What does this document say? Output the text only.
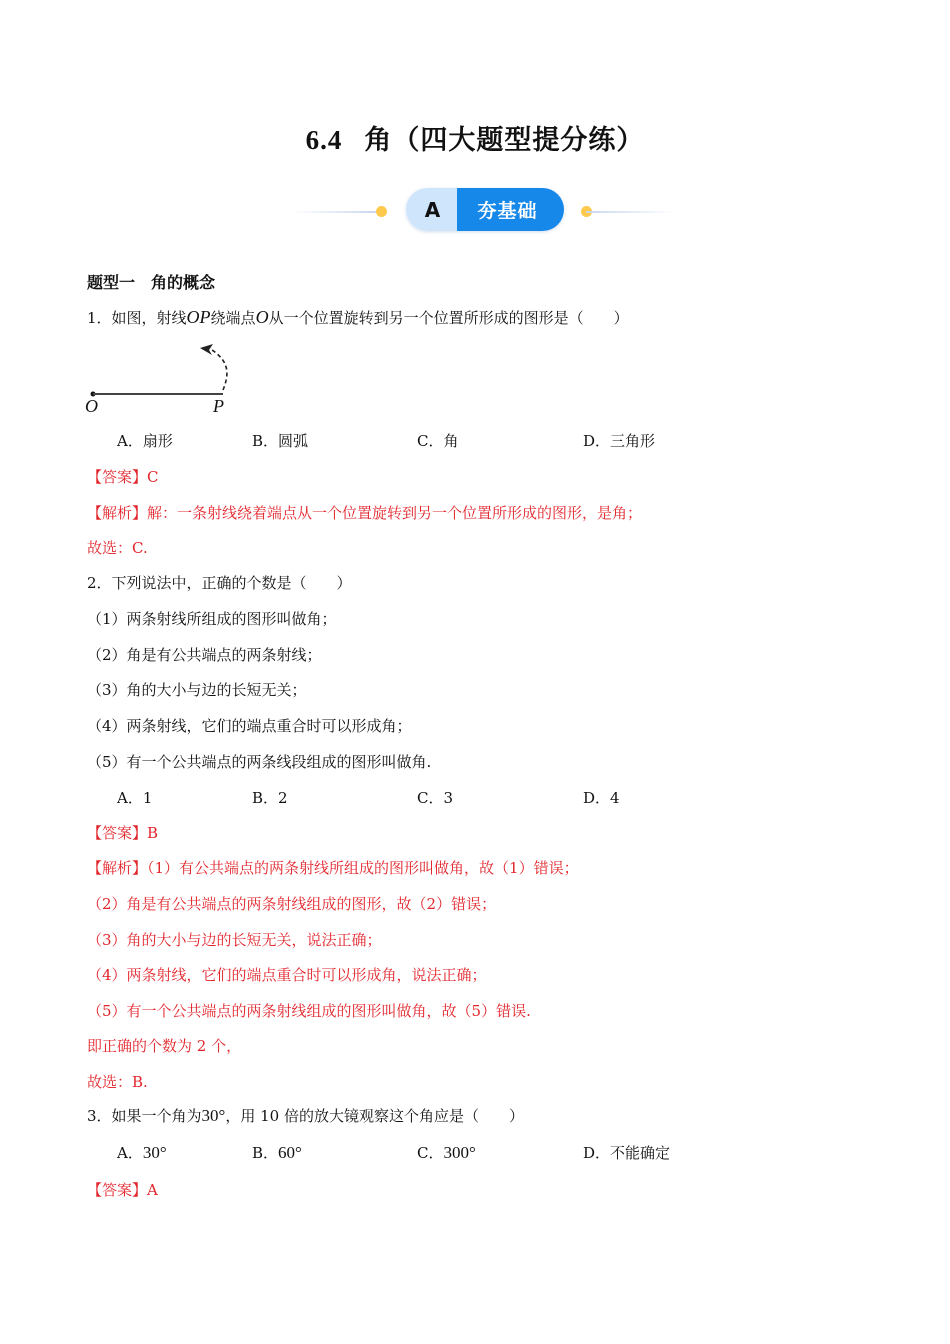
6.4 角（四大题型提分练）
A	夯基础
题型一　角的概念
1．如图，射线OP绕端点O从一个位置旋转到另一个位置所形成的图形是（　　）
O	P
A．扇形	B．圆弧	C．角	D．三角形
【答案】C
【解析】解：一条射线绕着端点从一个位置旋转到另一个位置所形成的图形，是角；
故选：C.
2．下列说法中，正确的个数是（　　）
（1）两条射线所组成的图形叫做角；
（2）角是有公共端点的两条射线；
（3）角的大小与边的长短无关；
（4）两条射线，它们的端点重合时可以形成角；
（5）有一个公共端点的两条线段组成的图形叫做角.
A．1	B．2	C．3	D．4
【答案】B
【解析】（1）有公共端点的两条射线所组成的图形叫做角，故（1）错误；
（2）角是有公共端点的两条射线组成的图形，故（2）错误；
（3）角的大小与边的长短无关，说法正确；
（4）两条射线，它们的端点重合时可以形成角，说法正确；
（5）有一个公共端点的两条射线组成的图形叫做角，故（5）错误.
即正确的个数为 2 个，
故选：B.
3．如果一个角为30°，用 10 倍的放大镜观察这个角应是（　　）
A．30°	B．60°	C．300°	D．不能确定
【答案】A
